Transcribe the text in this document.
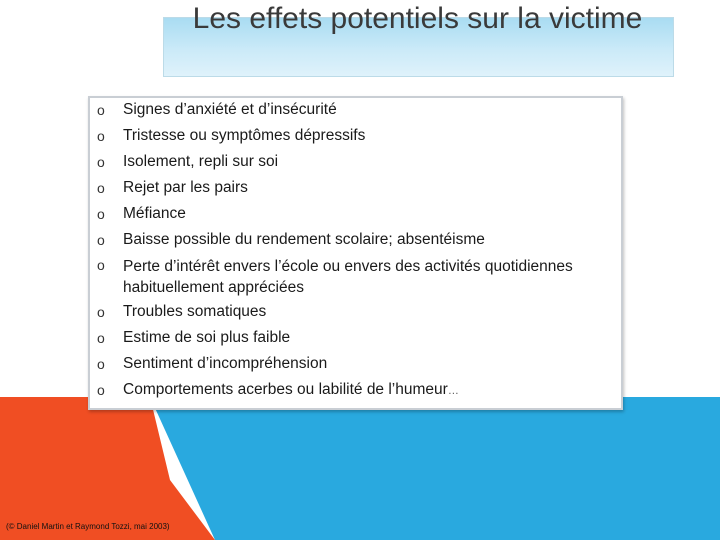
Les effets potentiels sur la victime
o Signes d’anxiété et d’insécurité
o Tristesse ou symptômes dépressifs
o Isolement, repli sur soi
o Rejet par les pairs
o Méfiance
o Baisse possible du rendement scolaire; absentéisme
o Perte d’intérêt envers l’école ou envers des activités quotidiennes habituellement appréciées
o Troubles somatiques
o Estime de soi plus faible
o Sentiment d’incompréhension
o Comportements acerbes ou labilité de l’humeur…
(© Daniel Martin et Raymond Tozzi, mai 2003)
